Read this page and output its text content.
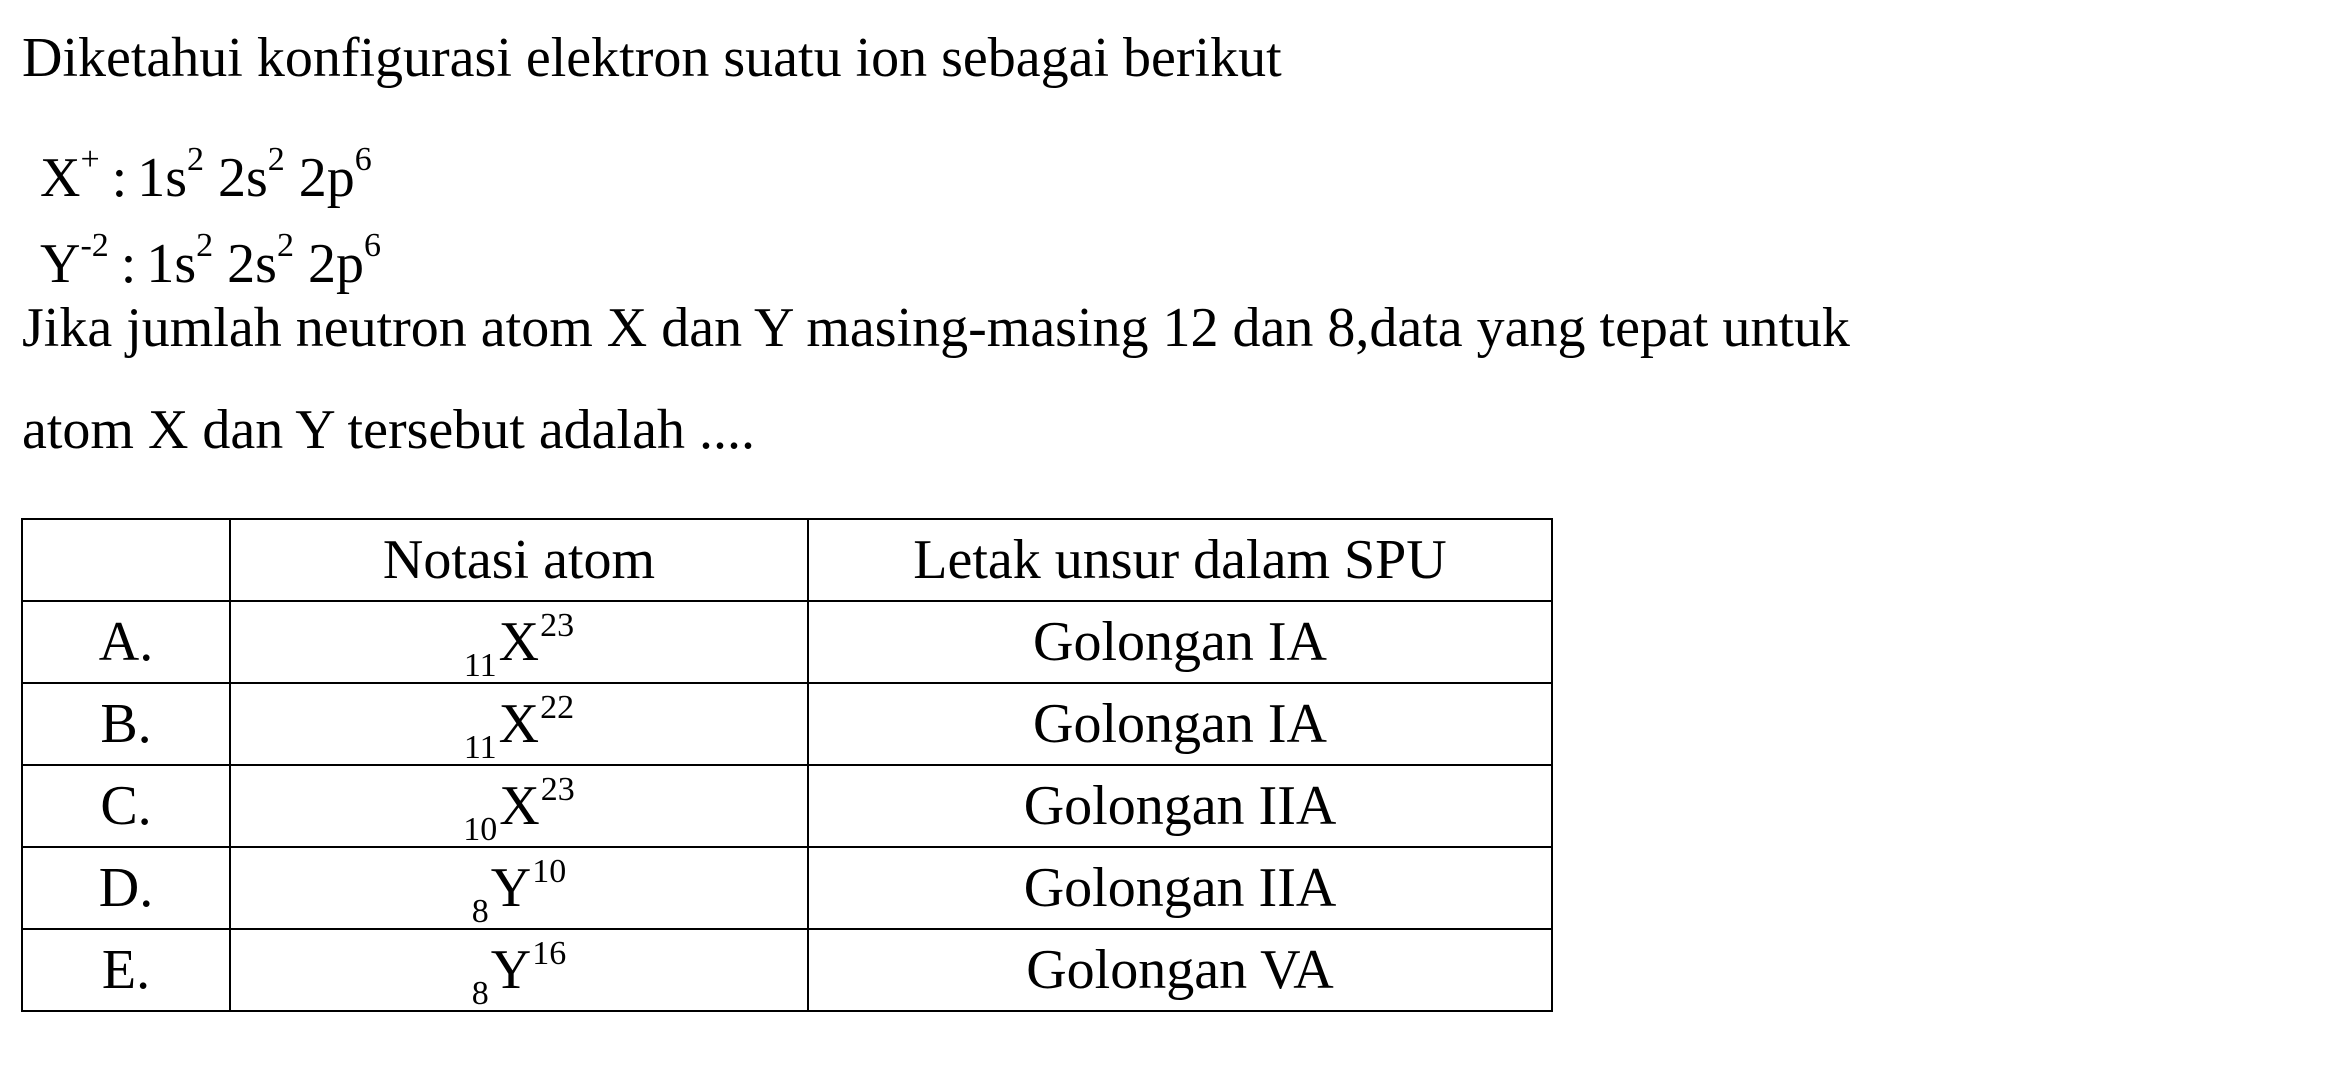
Diketahui konfigurasi elektron suatu ion sebagai berikut
X+ : $1s^2$ $2s^2$ $2p^6$
$Y^{-2}$ : $1s^2$ $2s^2$ $2p^6$
Jika jumlah neutron atom X dan Y masing-masing 12 dan 8,data yang tepat untuk
atom X dan Y tersebut adalah ....
	Notasi atom	Letak unsur dalam SPU
A.	$_{11}X^{23}$	Golongan IA
B.	$_{11}X^{22}$	Golongan IA
C.	$_{10}X^{23}$	Golongan IIA
D.	$_8Y^{10}$	Golongan IIA
E.	$_8Y^{16}$	Golongan VA
